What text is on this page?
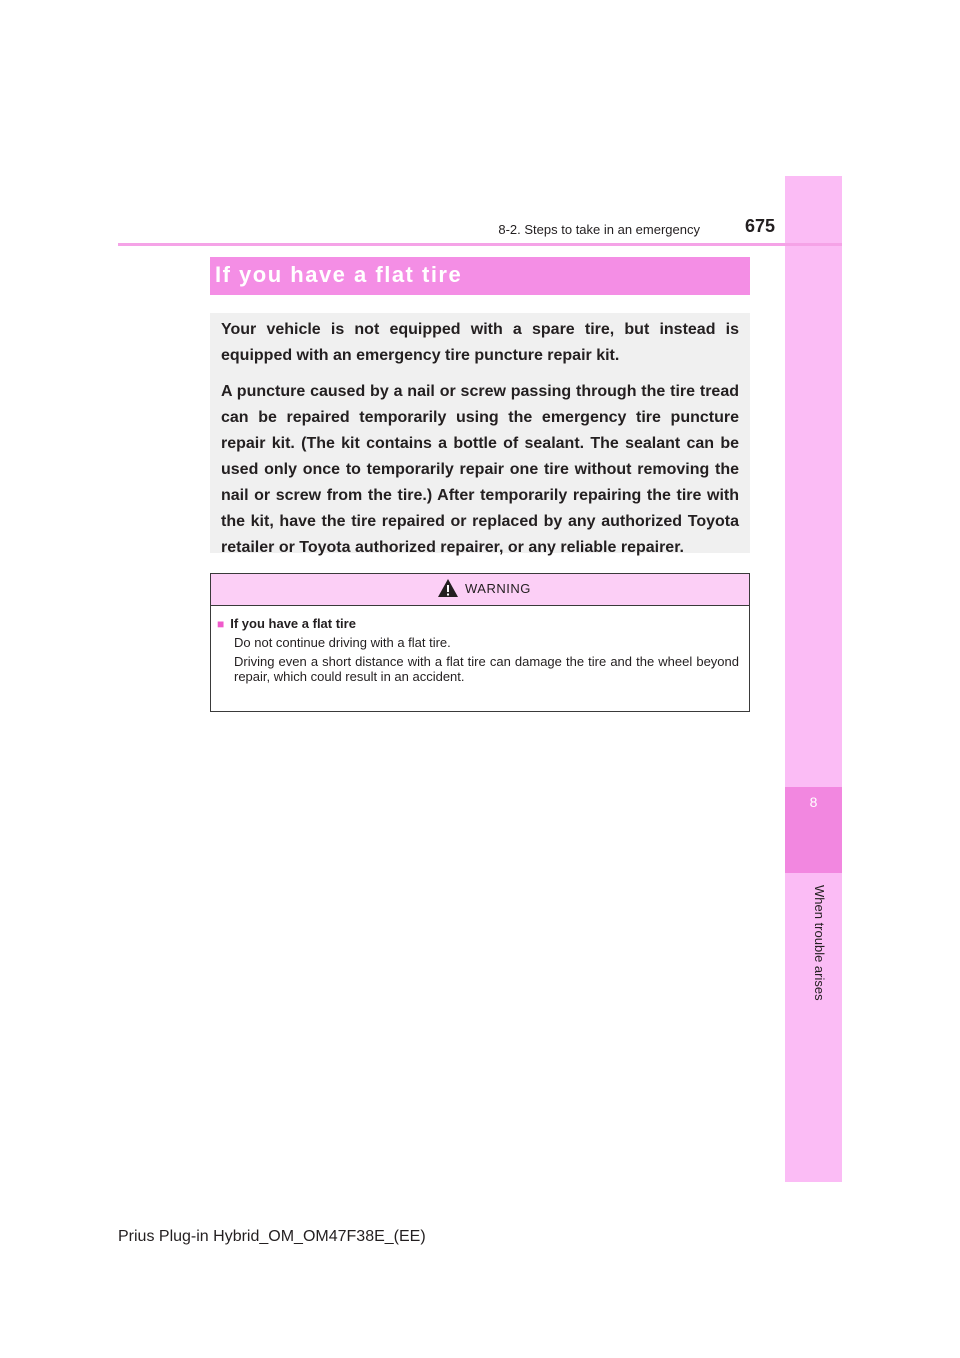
8
When trouble arises
8-2. Steps to take in an emergency	675
If you have a flat tire

Your vehicle is not equipped with a spare tire, but instead is equipped with an emergency tire puncture repair kit.

A puncture caused by a nail or screw passing through the tire tread can be repaired temporarily using the emergency tire puncture repair kit. (The kit contains a bottle of sealant. The sealant can be used only once to temporarily repair one tire without removing the nail or screw from the tire.) After temporarily repairing the tire with the kit, have the tire repaired or replaced by any authorized Toyota retailer or Toyota authorized repairer, or any reliable repairer.

WARNING
■ If you have a flat tire

Do not continue driving with a flat tire.

Driving even a short distance with a flat tire can damage the tire and the wheel beyond repair, which could result in an accident.

Prius Plug-in Hybrid_OM_OM47F38E_(EE)
